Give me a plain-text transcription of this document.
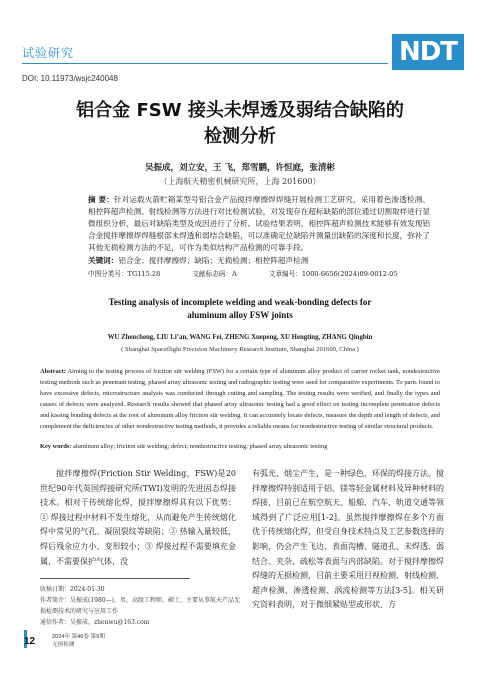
试验研究	NDT
DOI: 10.11973/wsjc240048
铝合金 FSW 接头未焊透及弱结合缺陷的
检测分析
吴振成，刘立安，王 飞，郑雪鹏，许恒庭，张清彬
（上海航天精密机械研究所，上海 201600）
摘 要：针对运载火箭贮箱某型号铝合金产品搅拌摩擦焊焊缝开展检测工艺研究，采用着色渗透检测、相控阵超声检测、射线检测等方法进行对比检测试验，对发现存在超标缺陷的部位通过切割取样进行显微组织分析，最后对缺陷类型及成因进行了分析。试验结果表明，相控阵超声检测技术能够有效发现铝合金搅拌摩擦焊焊缝根部未焊透和弱结合缺陷，可以准确定位缺陷并测量出缺陷的深度和长度，弥补了其他无损检测方法的不足，可作为类似结构产品检测的可靠手段。
关键词：铝合金；搅拌摩擦焊；缺陷；无损检测；相控阵超声检测
中图分类号：TG115.28	文献标志码：A	文章编号：1000-6656(2024)09-0012-05
Testing analysis of incomplete welding and weak-bonding defects for
aluminum alloy FSW joints
WU Zhencheng, LIU Li’an, WANG Fei, ZHENG Xuepeng, XU Hengting, ZHANG Qingbin
( Shanghai Spaceflight Precision Machinery Research Institute, Shanghai 201600, China )
Abstract: Aiming to the testing process of friction stir welding (FSW) for a certain type of aluminum alloy product of carrier rocket tank, nondestructive testing methods such as penetrant testing, phased array ultrasonic testing and radiographic testing were used for comparative experiments. To parts found to have excessive defects, microstructure analysis was conducted through cutting and sampling. The testing results were verified, and finally the types and causes of defects were analyzed. Research results showed that phased array ultrasonic testing had a good effect on testing incomplete penetration defects and kissing bonding defects at the root of aluminum alloy friction stir welding. It can accurately locate defects, measure the depth and length of defects, and complement the deficiencies of other nondestructive testing methods, it provides a reliable means for nondestructive testing of similar structural products.
Key words: aluminum alloy; friction stir welding; defect; nondestructive testing; phased array ultrasonic testing
搅拌摩擦焊(Friction Stir Welding，FSW)是20世纪90年代英国焊接研究所(TWI)发明的先进固态焊接技术。相对于传统熔化焊，搅拌摩擦焊具有以下优势：① 焊接过程中材料不发生熔化，从而避免产生传统熔化焊中常见的气孔、凝固裂纹等缺陷；② 热输入量较低，焊后残余应力小、变形较小；③ 焊接过程不需要填充金属，不需要保护气体，没
有弧光、烟尘产生，是一种绿色、环保的焊接方法。搅拌摩擦焊特别适用于铝、镁等轻金属材料及异种材料的焊接，目前已在航空航天、船舶、汽车、轨道交通等领域得到了广泛应用[1-2]。虽然搅拌摩擦焊在多个方面优于传统熔化焊，但受自身技术特点及工艺参数选择的影响，仍会产生飞边、表面沟槽、隧道孔、未焊透、弱结合、夹杂、疏松等表面与内部缺陷。对于搅拌摩擦焊焊缝的无损检测，目前主要采用目视检测、射线检测、超声检测、渗透检测、涡流检测等方法[3-5]。相关研究资料表明，对于微细紧贴型或形状、方
收稿日期：2024-01-30
作者简介：吴振成(1980—)，男，高级工程师，硕士，主要从事航天产品无损检测技术的研究与应用工作
通信作者：吴振成，zhenwu@163.com
12	2024年 第46卷 第9期
无损检测
